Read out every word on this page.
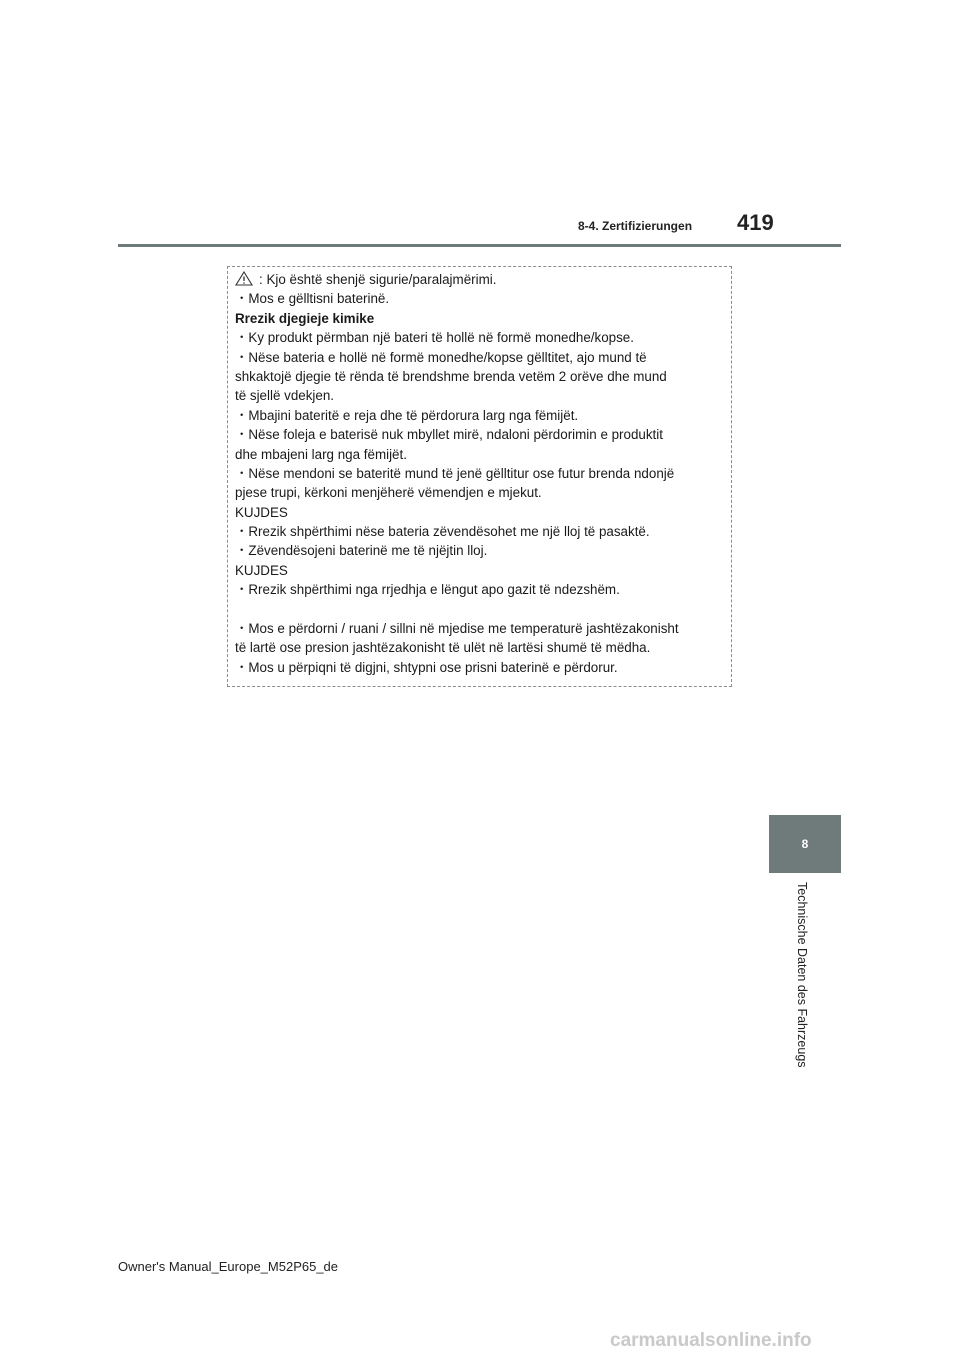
8-4. Zertifizierungen 419
: Kjo është shenjë sigurie/paralajmërimi.
・Mos e gëlltisni baterinë.
Rrezik djegieje kimike
・Ky produkt përmban një bateri të hollë në formë monedhe/kopse.
・Nëse bateria e hollë në formë monedhe/kopse gëlltitet, ajo mund të
shkaktojë djegie të rënda të brendshme brenda vetëm 2 orëve dhe mund
të sjellë vdekjen.
・Mbajini bateritë e reja dhe të përdorura larg nga fëmijët.
・Nëse foleja e baterisë nuk mbyllet mirë, ndaloni përdorimin e produktit
dhe mbajeni larg nga fëmijët.
・Nëse mendoni se bateritë mund të jenë gëlltitur ose futur brenda ndonjë
pjese trupi, kërkoni menjëherë vëmendjen e mjekut.
KUJDES
・Rrezik shpërthimi nëse bateria zëvendësohet me një lloj të pasaktë.
・Zëvendësojeni baterinë me të njëjtin lloj.
KUJDES
・Rrezik shpërthimi nga rrjedhja e lëngut apo gazit të ndezshëm.
・Mos e përdorni / ruani / sillni në mjedise me temperaturë jashtëzakonisht
të lartë ose presion jashtëzakonisht të ulët në lartësi shumë të mëdha.
・Mos u përpiqni të digjni, shtypni ose prisni baterinë e përdorur.
8
Technische Daten des Fahrzeugs
Owner's Manual_Europe_M52P65_de
carmanualsonline.info
